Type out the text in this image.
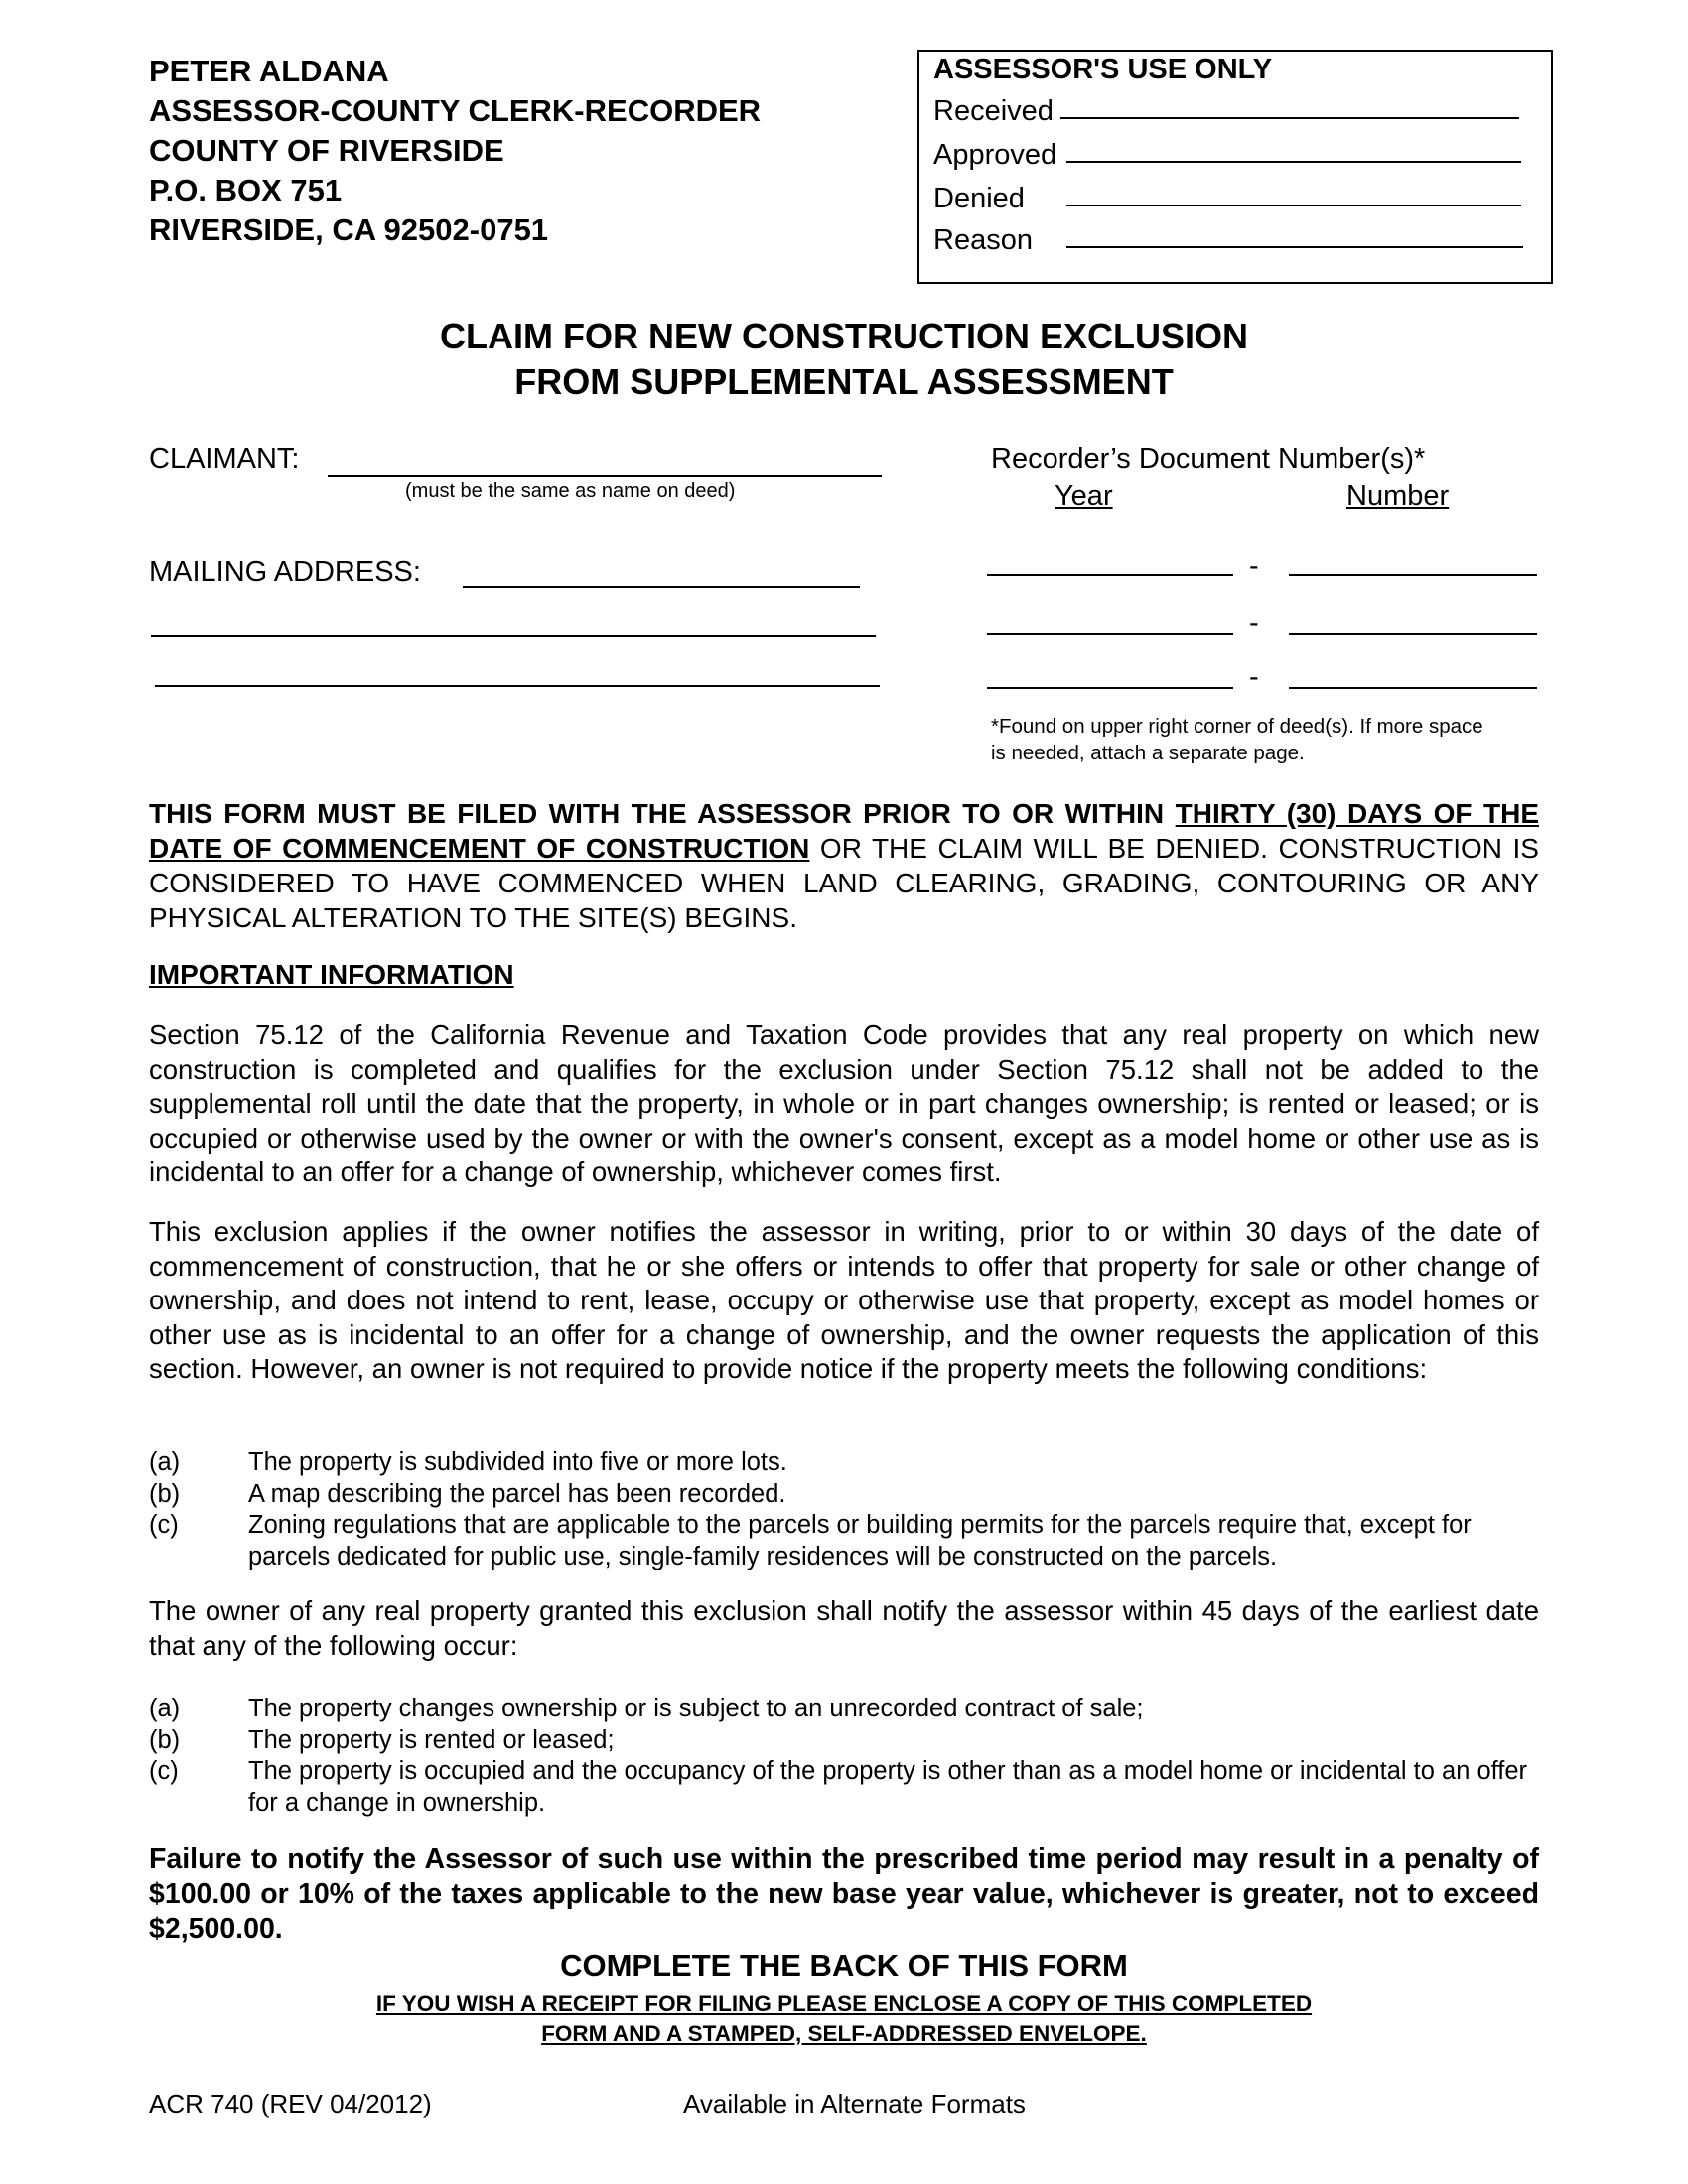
PETER ALDANA
ASSESSOR-COUNTY CLERK-RECORDER
COUNTY OF RIVERSIDE
P.O. BOX 751
RIVERSIDE, CA 92502-0751
ASSESSOR'S USE ONLY
Received
Approved
Denied
Reason
CLAIM FOR NEW CONSTRUCTION EXCLUSION
FROM SUPPLEMENTAL ASSESSMENT
CLAIMANT:
(must be the same as name on deed)
MAILING ADDRESS:
Recorder’s Document Number(s)*
Year	Number
-
-
-
*Found on upper right corner of deed(s). If more space
is needed, attach a separate page.
THIS FORM MUST BE FILED WITH THE ASSESSOR PRIOR TO OR WITHIN THIRTY (30) DAYS OF THE DATE OF COMMENCEMENT OF CONSTRUCTION OR THE CLAIM WILL BE DENIED. CONSTRUCTION IS CONSIDERED TO HAVE COMMENCED WHEN LAND CLEARING, GRADING, CONTOURING OR ANY PHYSICAL ALTERATION TO THE SITE(S) BEGINS.
IMPORTANT INFORMATION
Section 75.12 of the California Revenue and Taxation Code provides that any real property on which new construction is completed and qualifies for the exclusion under Section 75.12 shall not be added to the supplemental roll until the date that the property, in whole or in part changes ownership; is rented or leased; or is occupied or otherwise used by the owner or with the owner's consent, except as a model home or other use as is incidental to an offer for a change of ownership, whichever comes first.
This exclusion applies if the owner notifies the assessor in writing, prior to or within 30 days of the date of commencement of construction, that he or she offers or intends to offer that property for sale or other change of ownership, and does not intend to rent, lease, occupy or otherwise use that property, except as model homes or other use as is incidental to an offer for a change of ownership, and the owner requests the application of this section. However, an owner is not required to provide notice if the property meets the following conditions:
(a)	The property is subdivided into five or more lots.
(b)	A map describing the parcel has been recorded.
(c)	Zoning regulations that are applicable to the parcels or building permits for the parcels require that, except for parcels dedicated for public use, single-family residences will be constructed on the parcels.
The owner of any real property granted this exclusion shall notify the assessor within 45 days of the earliest date that any of the following occur:
(a)	The property changes ownership or is subject to an unrecorded contract of sale;
(b)	The property is rented or leased;
(c)	The property is occupied and the occupancy of the property is other than as a model home or incidental to an offer for a change in ownership.
Failure to notify the Assessor of such use within the prescribed time period may result in a penalty of $100.00 or 10% of the taxes applicable to the new base year value, whichever is greater, not to exceed $2,500.00.
COMPLETE THE BACK OF THIS FORM
IF YOU WISH A RECEIPT FOR FILING PLEASE ENCLOSE A COPY OF THIS COMPLETED
FORM AND A STAMPED, SELF-ADDRESSED ENVELOPE.
ACR 740 (REV 04/2012)	Available in Alternate Formats
